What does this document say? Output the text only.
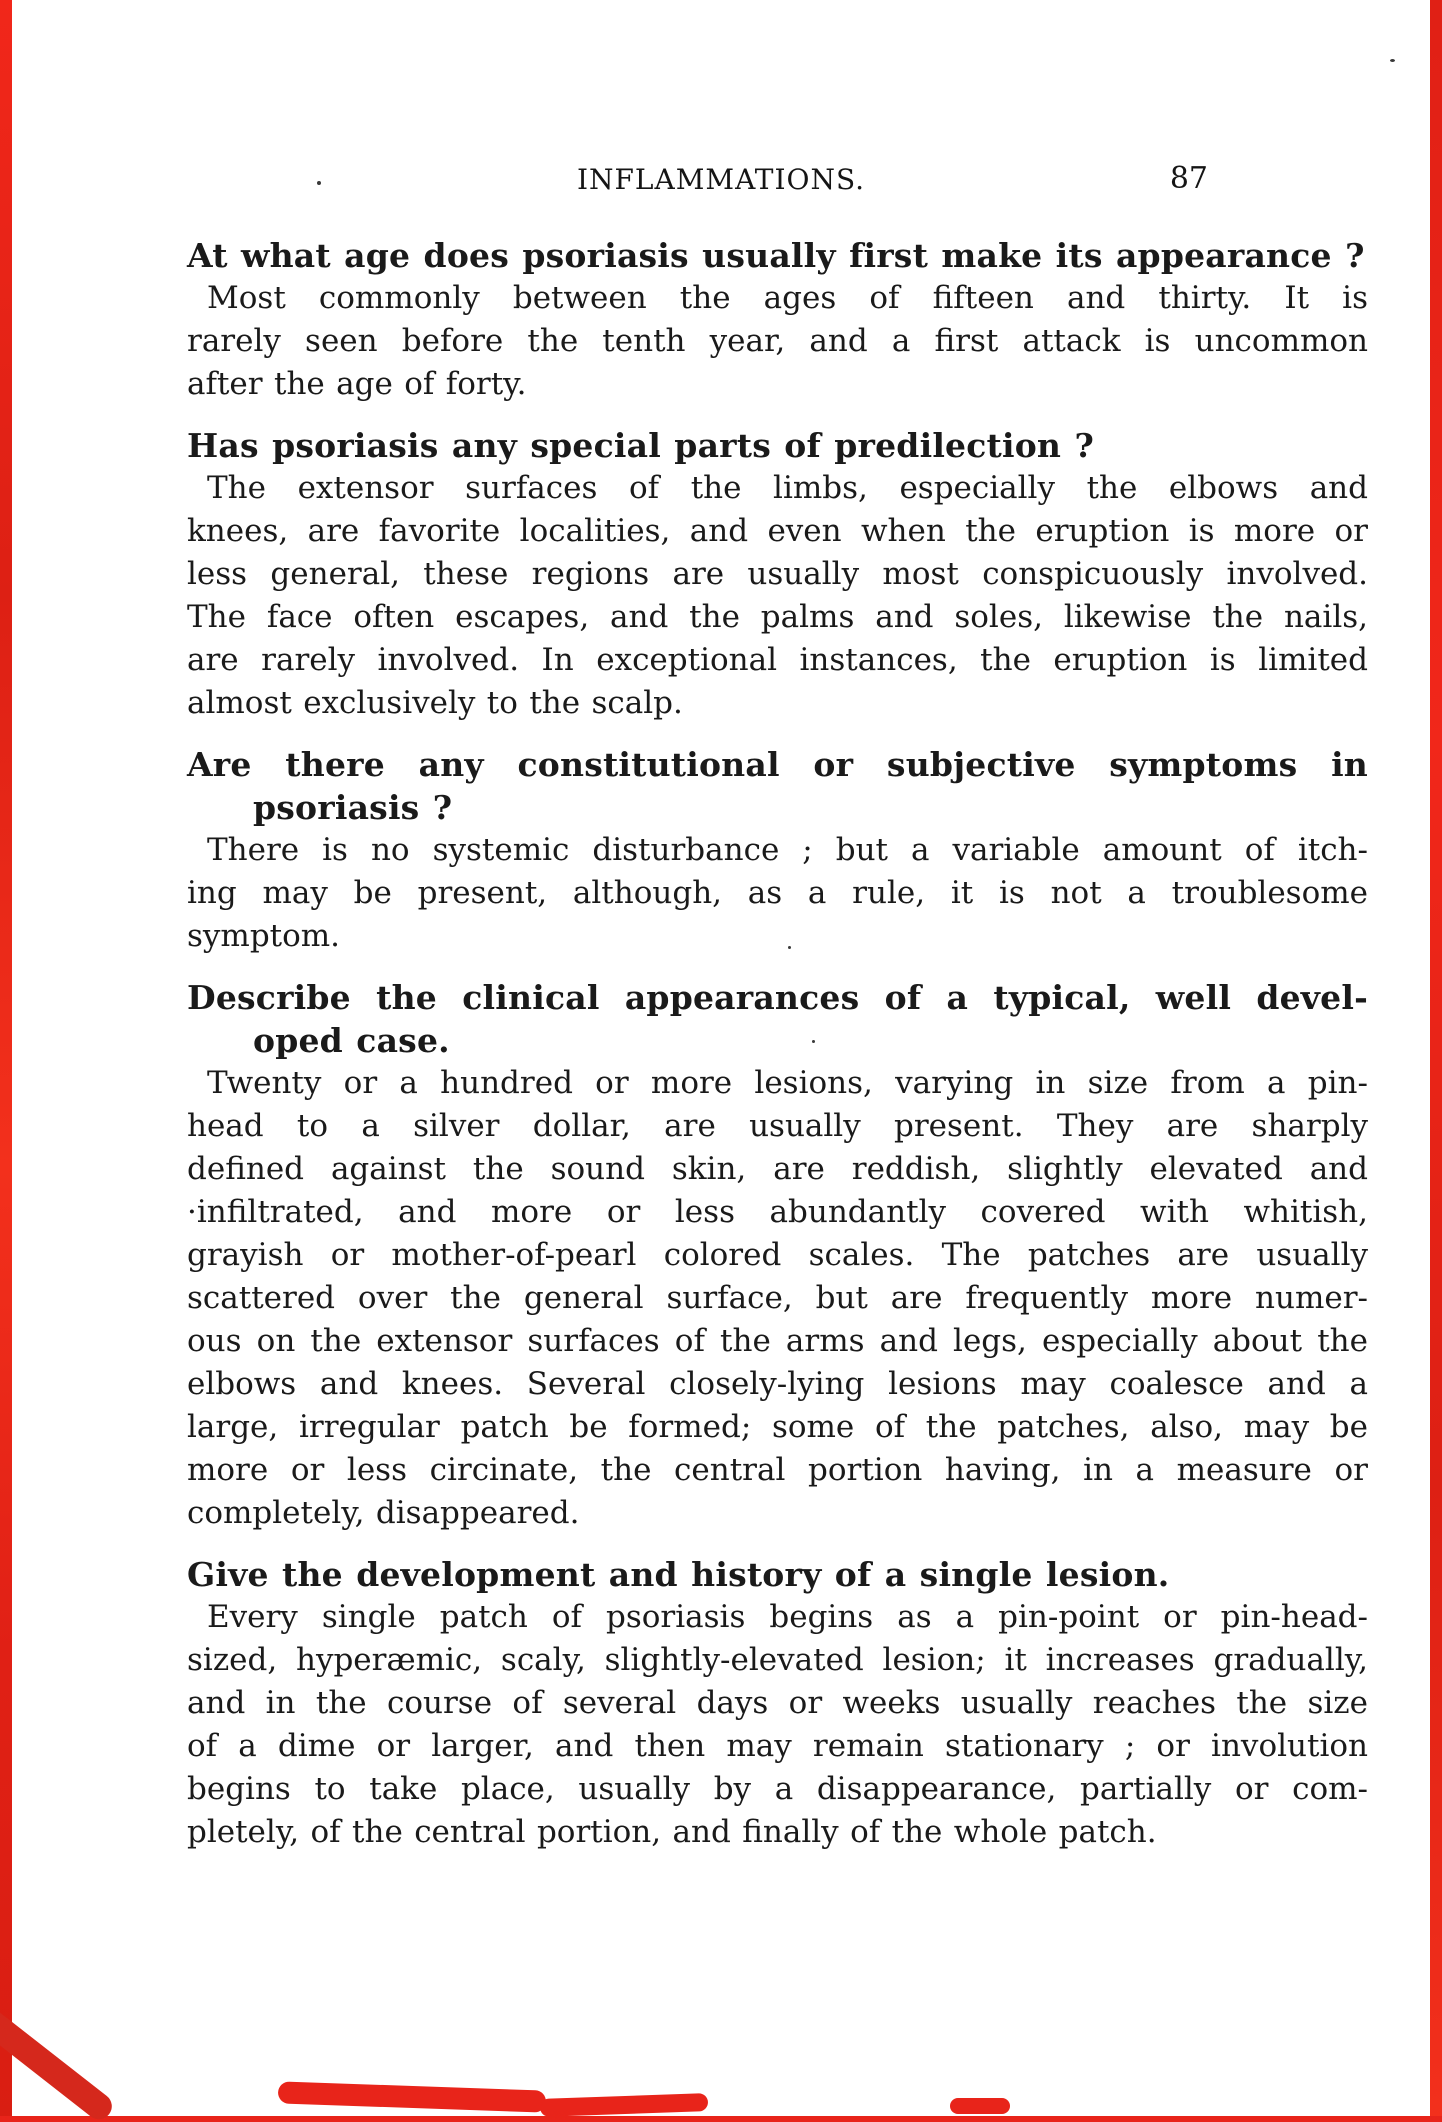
INFLAMMATIONS.	87
At what age does psoriasis usually first make its appearance ?
Most commonly between the ages of fifteen and thirty. It is
rarely seen before the tenth year, and a first attack is uncommon
after the age of forty.
Has psoriasis any special parts of predilection ?
The extensor surfaces of the limbs, especially the elbows and
knees, are favorite localities, and even when the eruption is more or
less general, these regions are usually most conspicuously involved.
The face often escapes, and the palms and soles, likewise the nails,
are rarely involved. In exceptional instances, the eruption is limited
almost exclusively to the scalp.
Are there any constitutional or subjective symptoms in
psoriasis ?
There is no systemic disturbance ; but a variable amount of itch-
ing may be present, although, as a rule, it is not a troublesome
symptom.
Describe the clinical appearances of a typical, well devel-
oped case.
Twenty or a hundred or more lesions, varying in size from a pin-
head to a silver dollar, are usually present. They are sharply
defined against the sound skin, are reddish, slightly elevated and
·infiltrated, and more or less abundantly covered with whitish,
grayish or mother-of-pearl colored scales. The patches are usually
scattered over the general surface, but are frequently more numer-
ous on the extensor surfaces of the arms and legs, especially about the
elbows and knees. Several closely-lying lesions may coalesce and a
large, irregular patch be formed; some of the patches, also, may be
more or less circinate, the central portion having, in a measure or
completely, disappeared.
Give the development and history of a single lesion.
Every single patch of psoriasis begins as a pin-point or pin-head-
sized, hyperæmic, scaly, slightly-elevated lesion; it increases gradually,
and in the course of several days or weeks usually reaches the size
of a dime or larger, and then may remain stationary ; or involution
begins to take place, usually by a disappearance, partially or com-
pletely, of the central portion, and finally of the whole patch.
